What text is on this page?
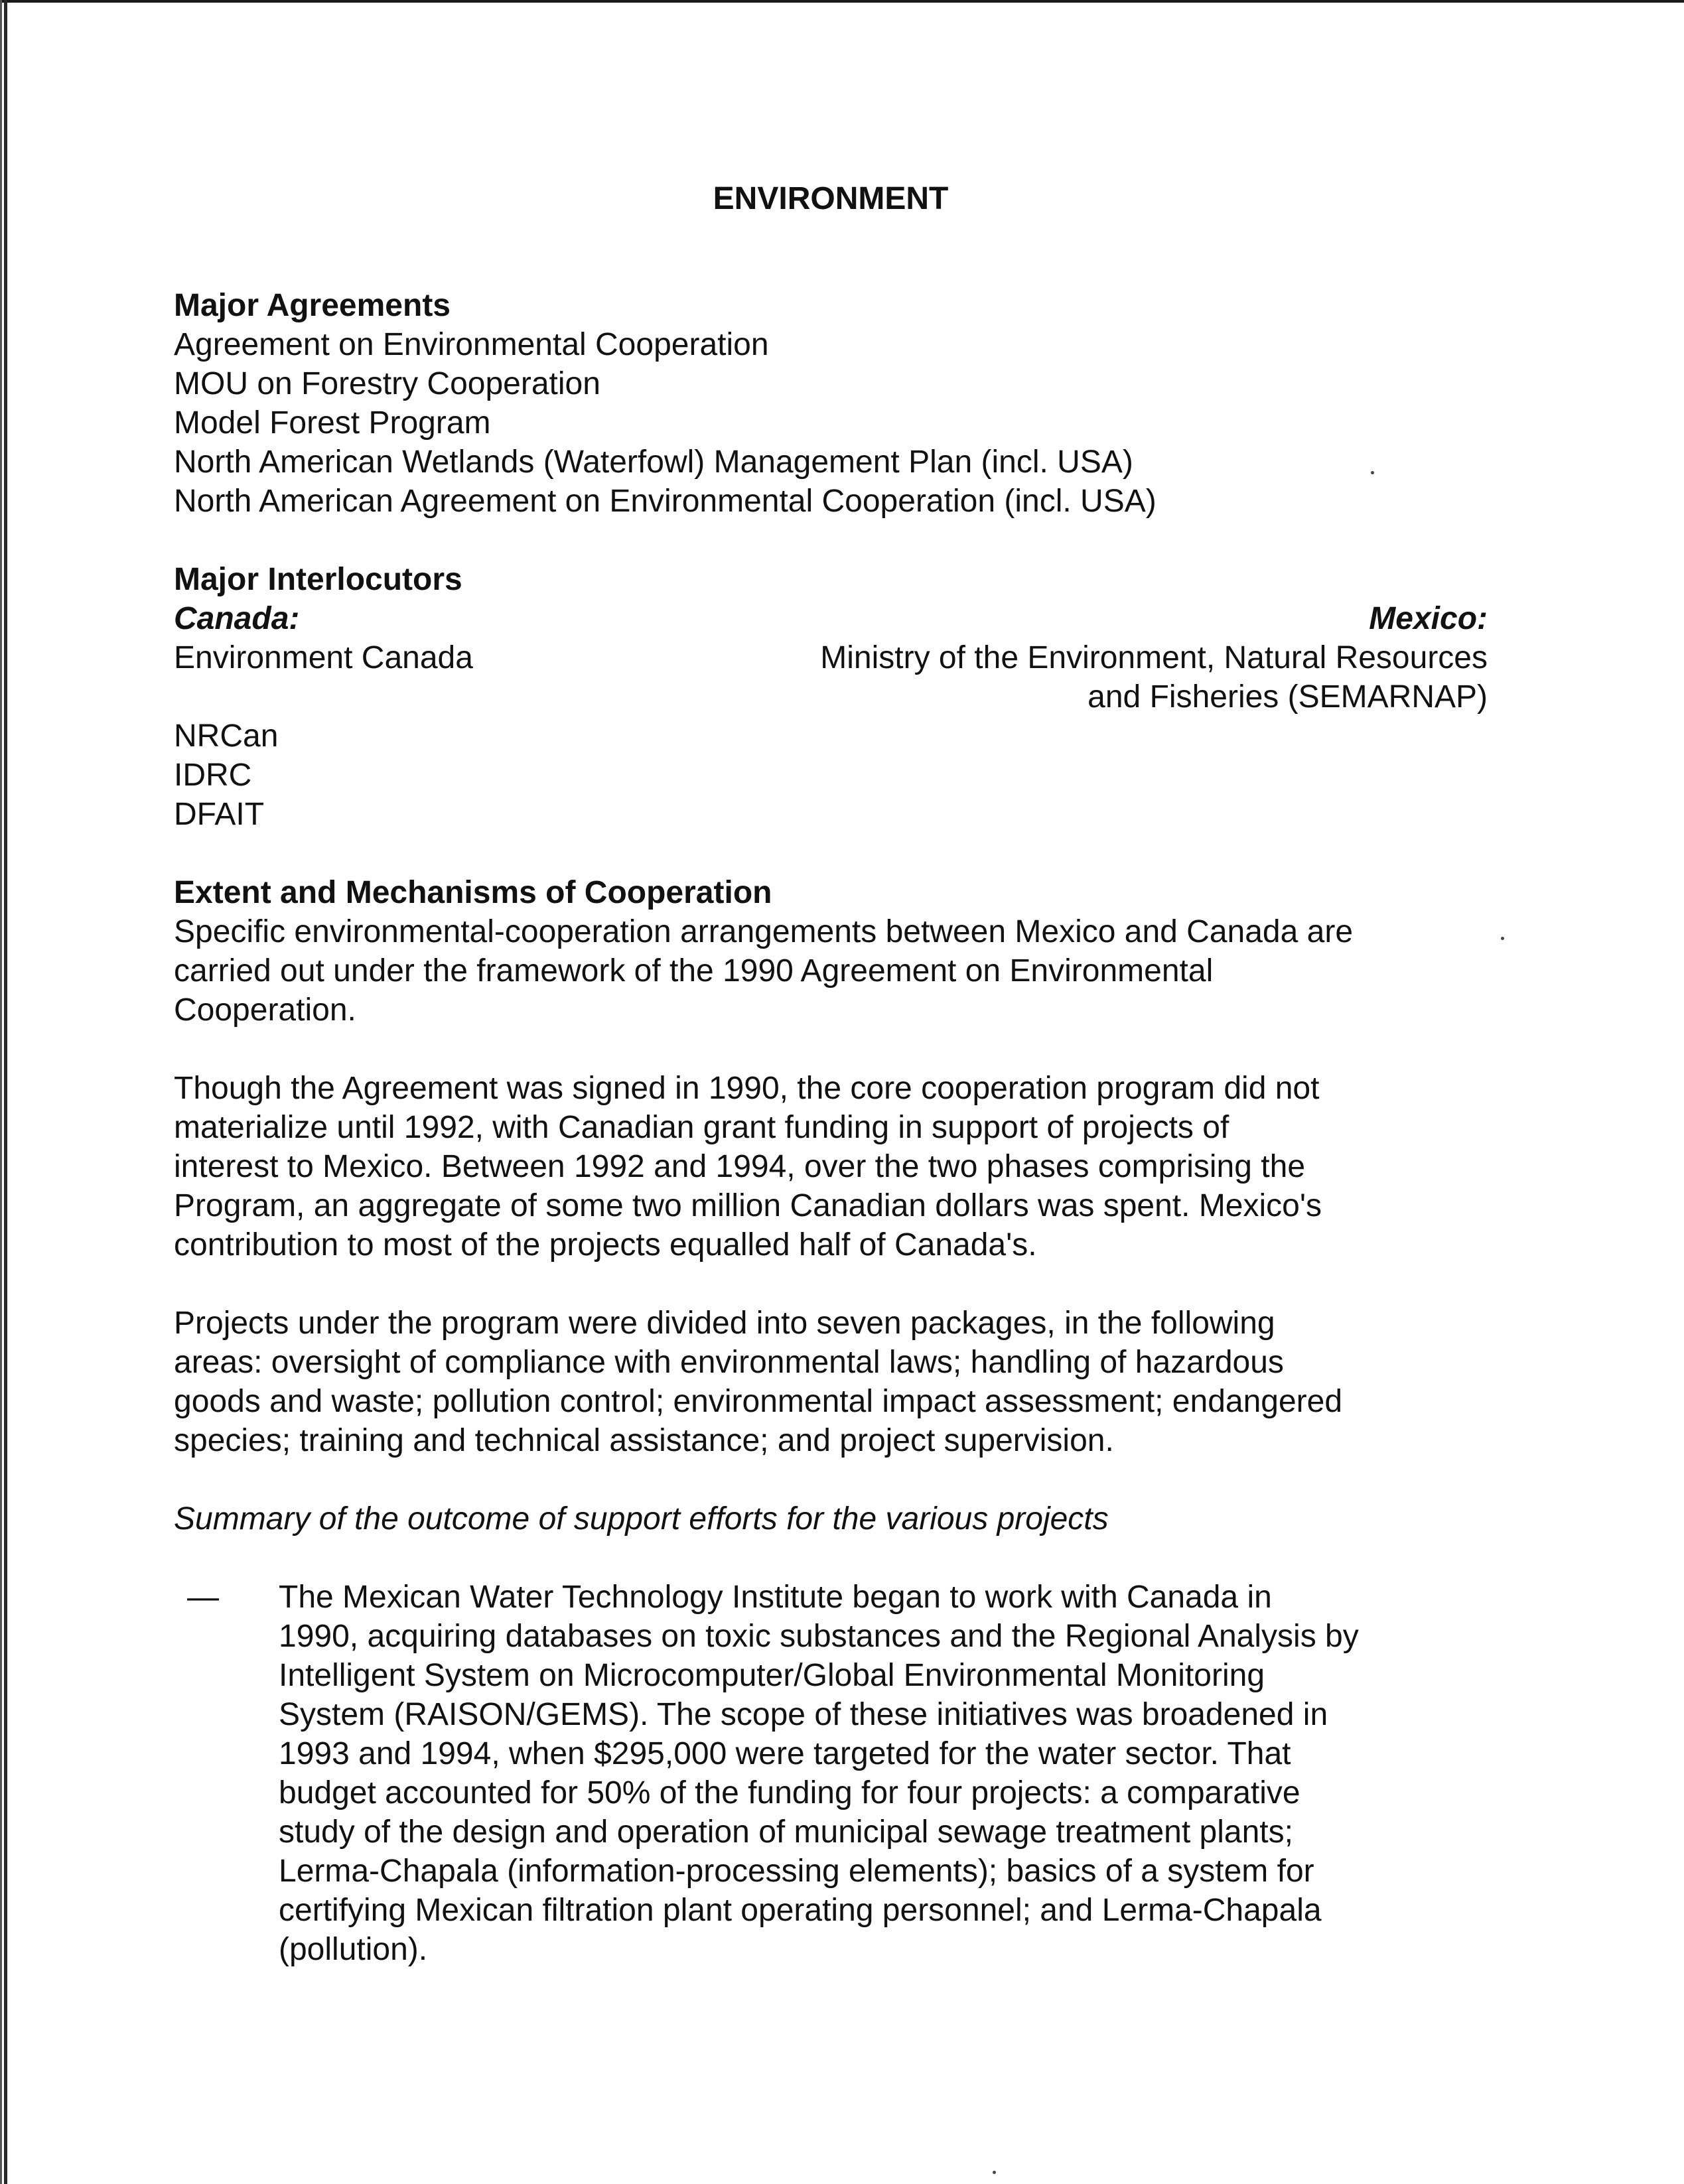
ENVIRONMENT
Major Agreements
Agreement on Environmental Cooperation
MOU on Forestry Cooperation
Model Forest Program
North American Wetlands (Waterfowl) Management Plan (incl. USA)
North American Agreement on Environmental Cooperation (incl. USA)
Major Interlocutors
Canada:
Environment Canada
Mexico:
Ministry of the Environment, Natural Resources
and Fisheries (SEMARNAP)
NRCan
IDRC
DFAIT
Extent and Mechanisms of Cooperation
Specific environmental-cooperation arrangements between Mexico and Canada are
carried out under the framework of the 1990 Agreement on Environmental
Cooperation.
Though the Agreement was signed in 1990, the core cooperation program did not
materialize until 1992, with Canadian grant funding in support of projects of
interest to Mexico. Between 1992 and 1994, over the two phases comprising the
Program, an aggregate of some two million Canadian dollars was spent. Mexico's
contribution to most of the projects equalled half of Canada's.
Projects under the program were divided into seven packages, in the following
areas: oversight of compliance with environmental laws; handling of hazardous
goods and waste; pollution control; environmental impact assessment; endangered
species; training and technical assistance; and project supervision.
Summary of the outcome of support efforts for the various projects
— The Mexican Water Technology Institute began to work with Canada in
1990, acquiring databases on toxic substances and the Regional Analysis by
Intelligent System on Microcomputer/Global Environmental Monitoring
System (RAISON/GEMS). The scope of these initiatives was broadened in
1993 and 1994, when $295,000 were targeted for the water sector. That
budget accounted for 50% of the funding for four projects: a comparative
study of the design and operation of municipal sewage treatment plants;
Lerma-Chapala (information-processing elements); basics of a system for
certifying Mexican filtration plant operating personnel; and Lerma-Chapala
(pollution).
